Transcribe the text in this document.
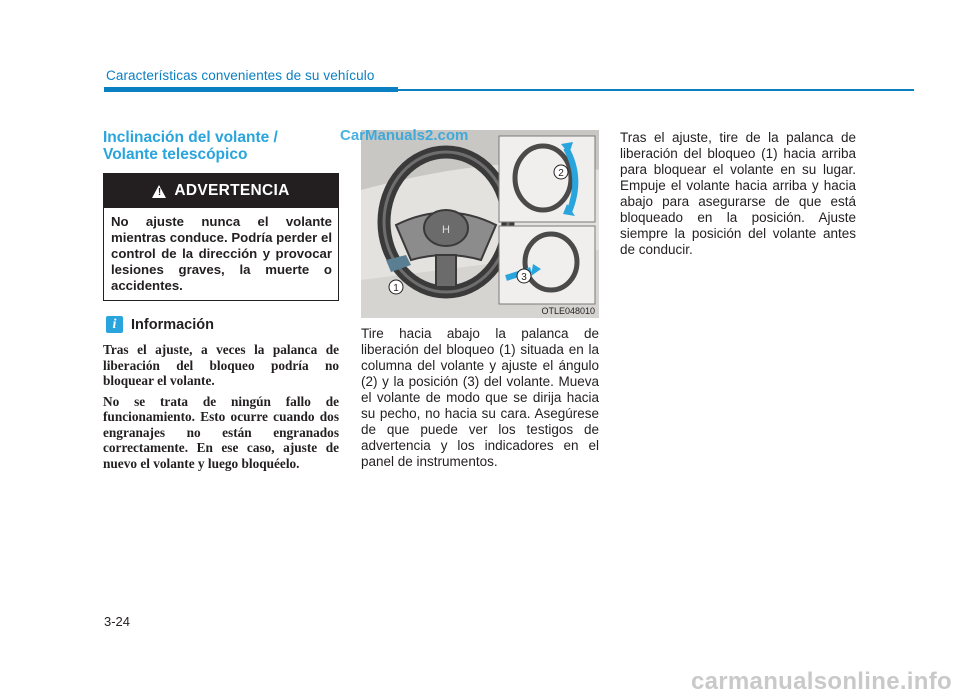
Características convenientes de su vehículo
Inclinación del volante / Volante telescópico
! ADVERTENCIA
No ajuste nunca el volante mientras conduce. Podría perder el control de la dirección y provocar lesiones graves, la muerte o accidentes.
i	Información

Tras el ajuste, a veces la palanca de liberación del bloqueo podría no bloquear el volante.

No se trata de ningún fallo de funcionamiento. Esto ocurre cuando dos engranajes no están engranados correctamente. En ese caso, ajuste de nuevo el volante y luego bloquéelo.

H
1
2
3
OTLE048010
CarManuals2.com
Tire hacia abajo la palanca de liberación del bloqueo (1) situada en la columna del volante y ajuste el ángulo (2) y la posición (3) del volante. Mueva el volante de modo que se dirija hacia su pecho, no hacia su cara. Asegúrese de que puede ver los testigos de advertencia y los indicadores en el panel de instrumentos.
Tras el ajuste, tire de la palanca de liberación del bloqueo (1) hacia arriba para bloquear el volante en su lugar. Empuje el volante hacia arriba y hacia abajo para asegurarse de que está bloqueado en la posición. Ajuste siempre la posición del volante antes de conducir.
3-24
carmanualsonline.info
